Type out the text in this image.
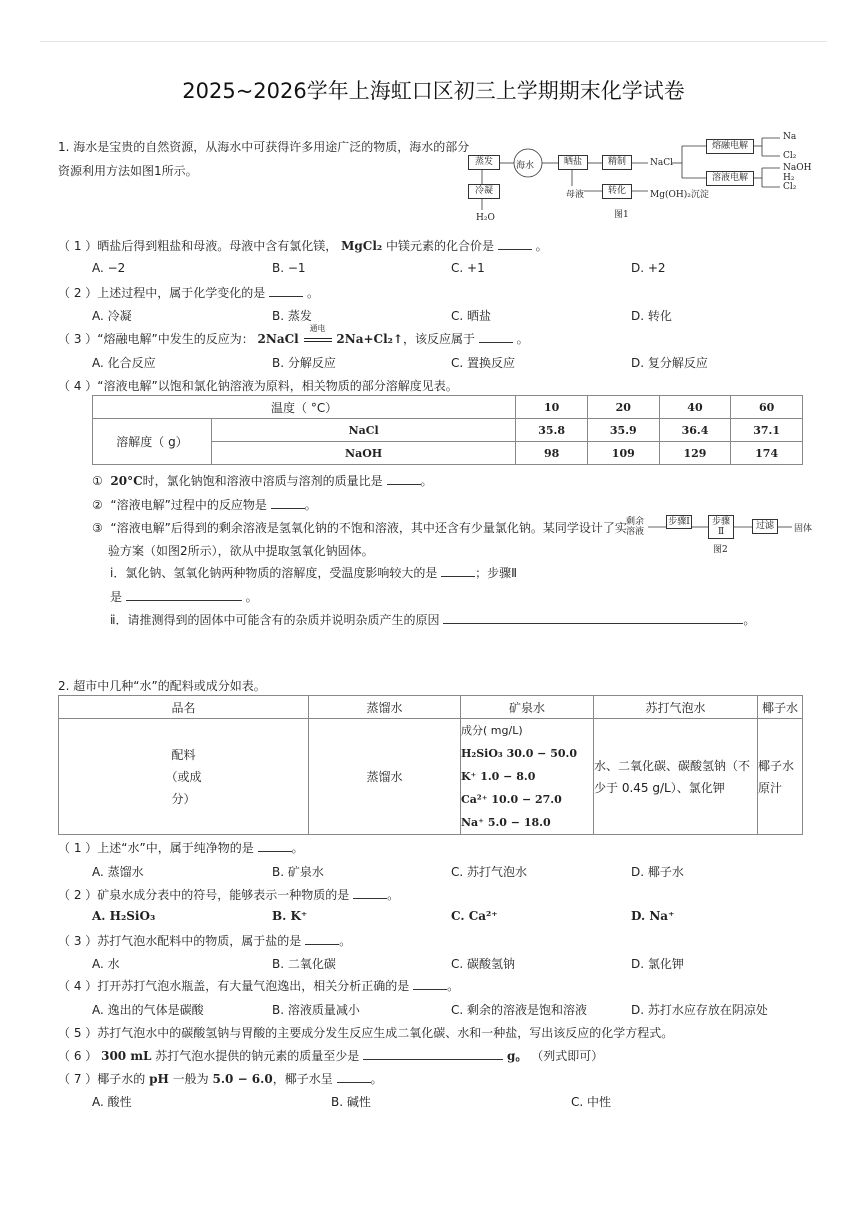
2025~2026学年上海虹口区初三上学期期末化学试卷
1. 海水是宝贵的自然资源，从海水中可获得许多用途广泛的物质，海水的部分
资源利用方法如图1所示。
蒸发	海水	晒盐	精制	NaCl
熔融电解
溶液电解
Na
Cl₂
NaOH
H₂
Cl₂
冷凝
H₂O
母液	转化	Mg(OH)₂沉淀
图1
（ 1 ）晒盐后得到粗盐和母液。母液中含有氯化镁， MgCl₂ 中镁元素的化合价是	。
A. −2	B. −1	C. +1	D. +2
（ 2 ）上述过程中，属于化学变化的是	。
A. 冷凝	B. 蒸发	C. 晒盐	D. 转化
（ 3 ）“熔融电解”中发生的反应为： 2NaCl
通电
2Na+Cl₂↑，该反应属于	。
A. 化合反应	B. 分解反应	C. 置换反应	D. 复分解反应
（ 4 ）“溶液电解”以饱和氯化钠溶液为原料，相关物质的部分溶解度见表。
温度（ °C）		10	20	40	60
溶解度（ g）	NaCl	35.8	35.9	36.4	37.1
	NaOH	98	109	129	174
① 20°C时，氯化钠饱和溶液中溶质与溶剂的质量比是	。
② “溶液电解”过程中的反应物是	。
③ “溶液电解”后得到的剩余溶液是氢氧化钠的不饱和溶液，其中还含有少量氯化钠。某同学设计了实
验方案（如图2所示），欲从中提取氢氧化钠固体。
剩余溶液
步骤Ⅰ	步骤Ⅱ
过滤	固体
图2
ⅰ．氯化钠、氢氧化钠两种物质的溶解度，受温度影响较大的是	；步骤Ⅱ
是	。
ⅱ．请推测得到的固体中可能含有的杂质并说明杂质产生的原因	。
2. 超市中几种“水”的配料或成分如表。
品名	蒸馏水	矿泉水	苏打气泡水	椰子水

配料（或成分）	蒸馏水	成分( mg/L)
H₂SiO₃ 30.0 − 50.0
K⁺ 1.0 − 8.0
Ca²⁺ 10.0 − 27.0
Na⁺ 5.0 − 18.0	水、二氧化碳、碳酸氢钠（不少于 0.45 g/L）、氯化钾	椰子水原汁
（ 1 ）上述“水”中，属于纯净物的是	。
A. 蒸馏水	B. 矿泉水	C. 苏打气泡水	D. 椰子水
（ 2 ）矿泉水成分表中的符号，能够表示一种物质的是	。
A. H₂SiO₃	B. K⁺	C. Ca²⁺	D. Na⁺
（ 3 ）苏打气泡水配料中的物质，属于盐的是	。
A. 水	B. 二氧化碳	C. 碳酸氢钠	D. 氯化钾
（ 4 ）打开苏打气泡水瓶盖，有大量气泡逸出，相关分析正确的是	。
A. 逸出的气体是碳酸	B. 溶液质量减小	C. 剩余的溶液是饱和溶液	D. 苏打水应存放在阴凉处
（ 5 ）苏打气泡水中的碳酸氢钠与胃酸的主要成分发生反应生成二氧化碳、水和一种盐，写出该反应的化学方程式。
（ 6 ） 300 mL 苏打气泡水提供的钠元素的质量至少是	g。 （列式即可）
（ 7 ）椰子水的 pH 一般为 5.0 − 6.0，椰子水呈	。
A. 酸性	B. 碱性	C. 中性
